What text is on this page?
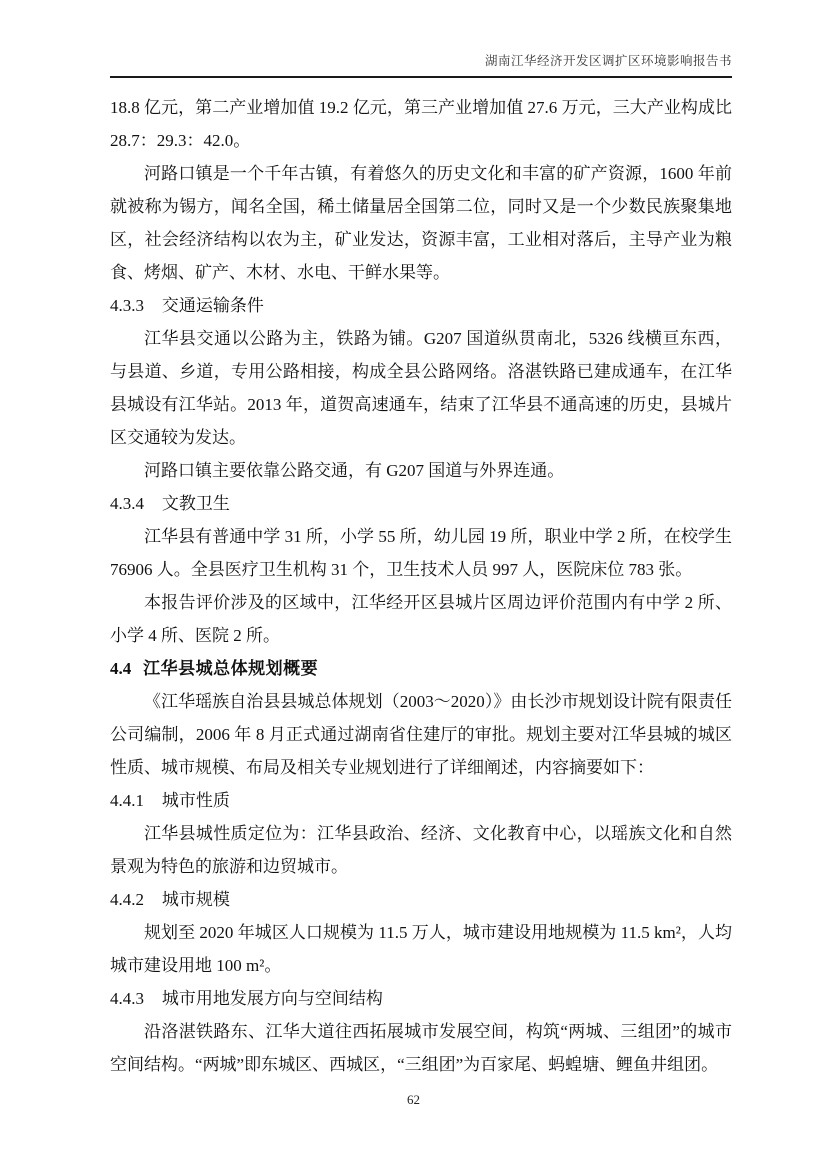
湖南江华经济开发区调扩区环境影响报告书

18.8 亿元，第二产业增加值 19.2 亿元，第三产业增加值 27.6 万元，三大产业构成比 28.7：29.3：42.0。

河路口镇是一个千年古镇，有着悠久的历史文化和丰富的矿产资源，1600 年前就被称为锡方，闻名全国，稀土储量居全国第二位，同时又是一个少数民族聚集地区，社会经济结构以农为主，矿业发达，资源丰富，工业相对落后，主导产业为粮食、烤烟、矿产、木材、水电、干鲜水果等。

4.3.3 交通运输条件

江华县交通以公路为主，铁路为铺。G207 国道纵贯南北，5326 线横亘东西，与县道、乡道，专用公路相接，构成全县公路网络。洛湛铁路已建成通车，在江华县城设有江华站。2013 年，道贺高速通车，结束了江华县不通高速的历史，县城片区交通较为发达。

河路口镇主要依靠公路交通，有 G207 国道与外界连通。

4.3.4 文教卫生

江华县有普通中学 31 所，小学 55 所，幼儿园 19 所，职业中学 2 所，在校学生 76906 人。全县医疗卫生机构 31 个，卫生技术人员 997 人，医院床位 783 张。

本报告评价涉及的区域中，江华经开区县城片区周边评价范围内有中学 2 所、小学 4 所、医院 2 所。

4.4 江华县城总体规划概要

《江华瑶族自治县县城总体规划（2003～2020）》由长沙市规划设计院有限责任公司编制，2006 年 8 月正式通过湖南省住建厅的审批。规划主要对江华县城的城区性质、城市规模、布局及相关专业规划进行了详细阐述，内容摘要如下：

4.4.1 城市性质

江华县城性质定位为：江华县政治、经济、文化教育中心，以瑶族文化和自然景观为特色的旅游和边贸城市。

4.4.2 城市规模

规划至 2020 年城区人口规模为 11.5 万人，城市建设用地规模为 11.5 km²，人均城市建设用地 100 m²。

4.4.3 城市用地发展方向与空间结构

沿洛湛铁路东、江华大道往西拓展城市发展空间，构筑“两城、三组团”的城市空间结构。“两城”即东城区、西城区，“三组团”为百家尾、蚂蝗塘、鲤鱼井组团。

62
